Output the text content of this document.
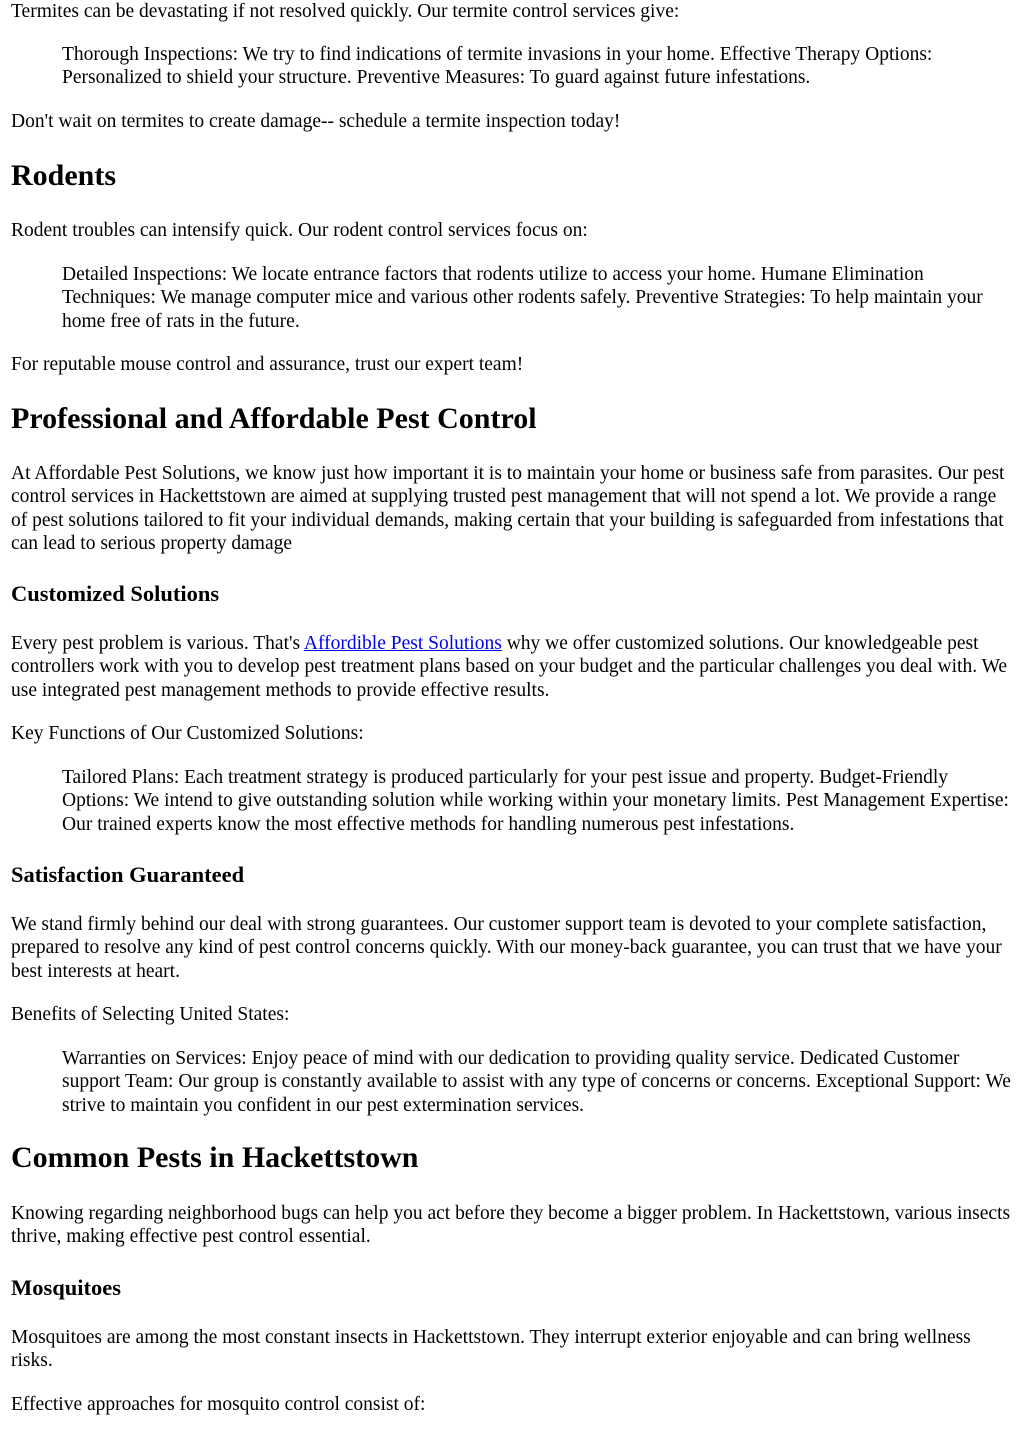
Termites can be devastating if not resolved quickly. Our termite control services give:

Thorough Inspections: We try to find indications of termite invasions in your home. Effective Therapy Options: Personalized to shield your structure. Preventive Measures: To guard against future infestations.

Don't wait on termites to create damage-- schedule a termite inspection today!

Rodents

Rodent troubles can intensify quick. Our rodent control services focus on:

Detailed Inspections: We locate entrance factors that rodents utilize to access your home. Humane Elimination Techniques: We manage computer mice and various other rodents safely. Preventive Strategies: To help maintain your home free of rats in the future.

For reputable mouse control and assurance, trust our expert team!

Professional and Affordable Pest Control

At Affordable Pest Solutions, we know just how important it is to maintain your home or business safe from parasites. Our pest control services in Hackettstown are aimed at supplying trusted pest management that will not spend a lot. We provide a range of pest solutions tailored to fit your individual demands, making certain that your building is safeguarded from infestations that can lead to serious property damage

Customized Solutions

Every pest problem is various. That's Affordible Pest Solutions why we offer customized solutions. Our knowledgeable pest controllers work with you to develop pest treatment plans based on your budget and the particular challenges you deal with. We use integrated pest management methods to provide effective results.

Key Functions of Our Customized Solutions:

Tailored Plans: Each treatment strategy is produced particularly for your pest issue and property. Budget-Friendly Options: We intend to give outstanding solution while working within your monetary limits. Pest Management Expertise: Our trained experts know the most effective methods for handling numerous pest infestations.
Satisfaction Guaranteed

We stand firmly behind our deal with strong guarantees. Our customer support team is devoted to your complete satisfaction, prepared to resolve any kind of pest control concerns quickly. With our money-back guarantee, you can trust that we have your best interests at heart.

Benefits of Selecting United States:

Warranties on Services: Enjoy peace of mind with our dedication to providing quality service. Dedicated Customer support Team: Our group is constantly available to assist with any type of concerns or concerns. Exceptional Support: We strive to maintain you confident in our pest extermination services.
Common Pests in Hackettstown

Knowing regarding neighborhood bugs can help you act before they become a bigger problem. In Hackettstown, various insects thrive, making effective pest control essential.

Mosquitoes

Mosquitoes are among the most constant insects in Hackettstown. They interrupt exterior enjoyable and can bring wellness risks.

Effective approaches for mosquito control consist of:
